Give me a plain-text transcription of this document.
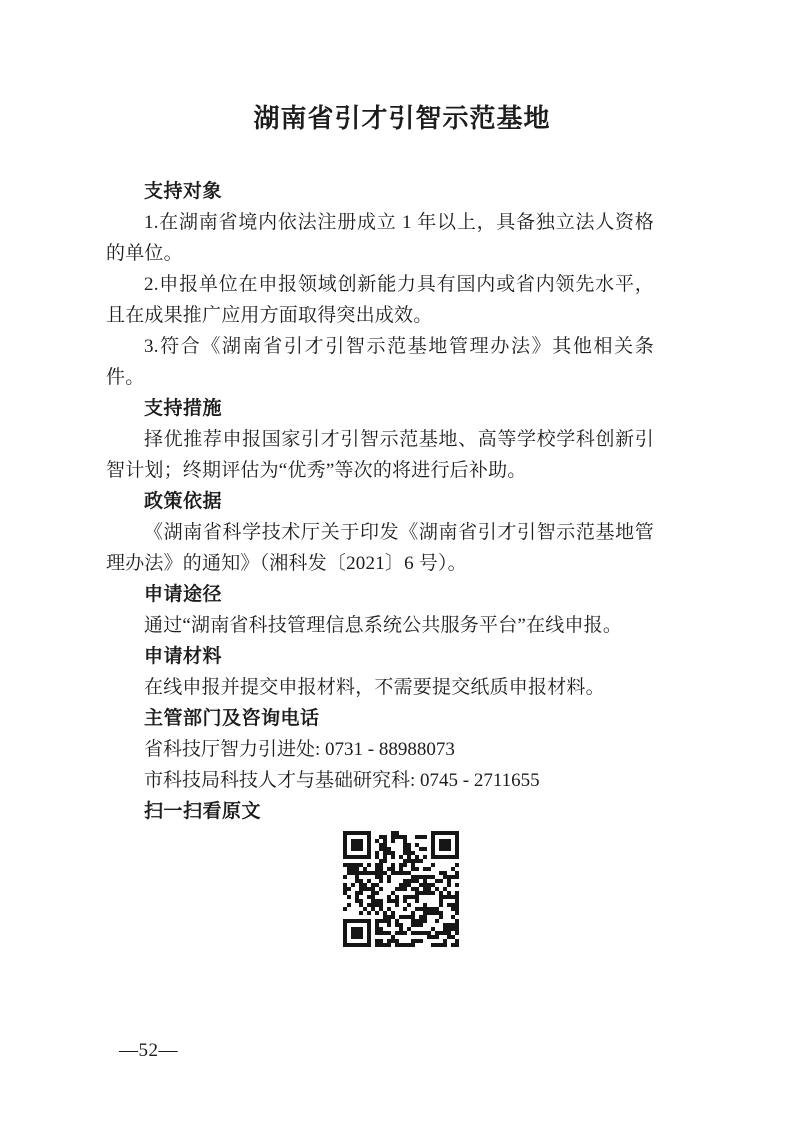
湖南省引才引智示范基地
支持对象

1.在湖南省境内依法注册成立 1 年以上，具备独立法人资格的单位。

2.申报单位在申报领域创新能力具有国内或省内领先水平，且在成果推广应用方面取得突出成效。

3.符合《湖南省引才引智示范基地管理办法》其他相关条件。

支持措施

择优推荐申报国家引才引智示范基地、高等学校学科创新引智计划；终期评估为“优秀”等次的将进行后补助。

政策依据

《湖南省科学技术厅关于印发《湖南省引才引智示范基地管理办法》的通知》（湘科发〔2021〕6 号）。

申请途径

通过“湖南省科技管理信息系统公共服务平台”在线申报。

申请材料

在线申报并提交申报材料，不需要提交纸质申报材料。

主管部门及咨询电话

省科技厅智力引进处: 0731 - 88988073

市科技局科技人才与基础研究科: 0745 - 2711655

扫一扫看原文
—52—
